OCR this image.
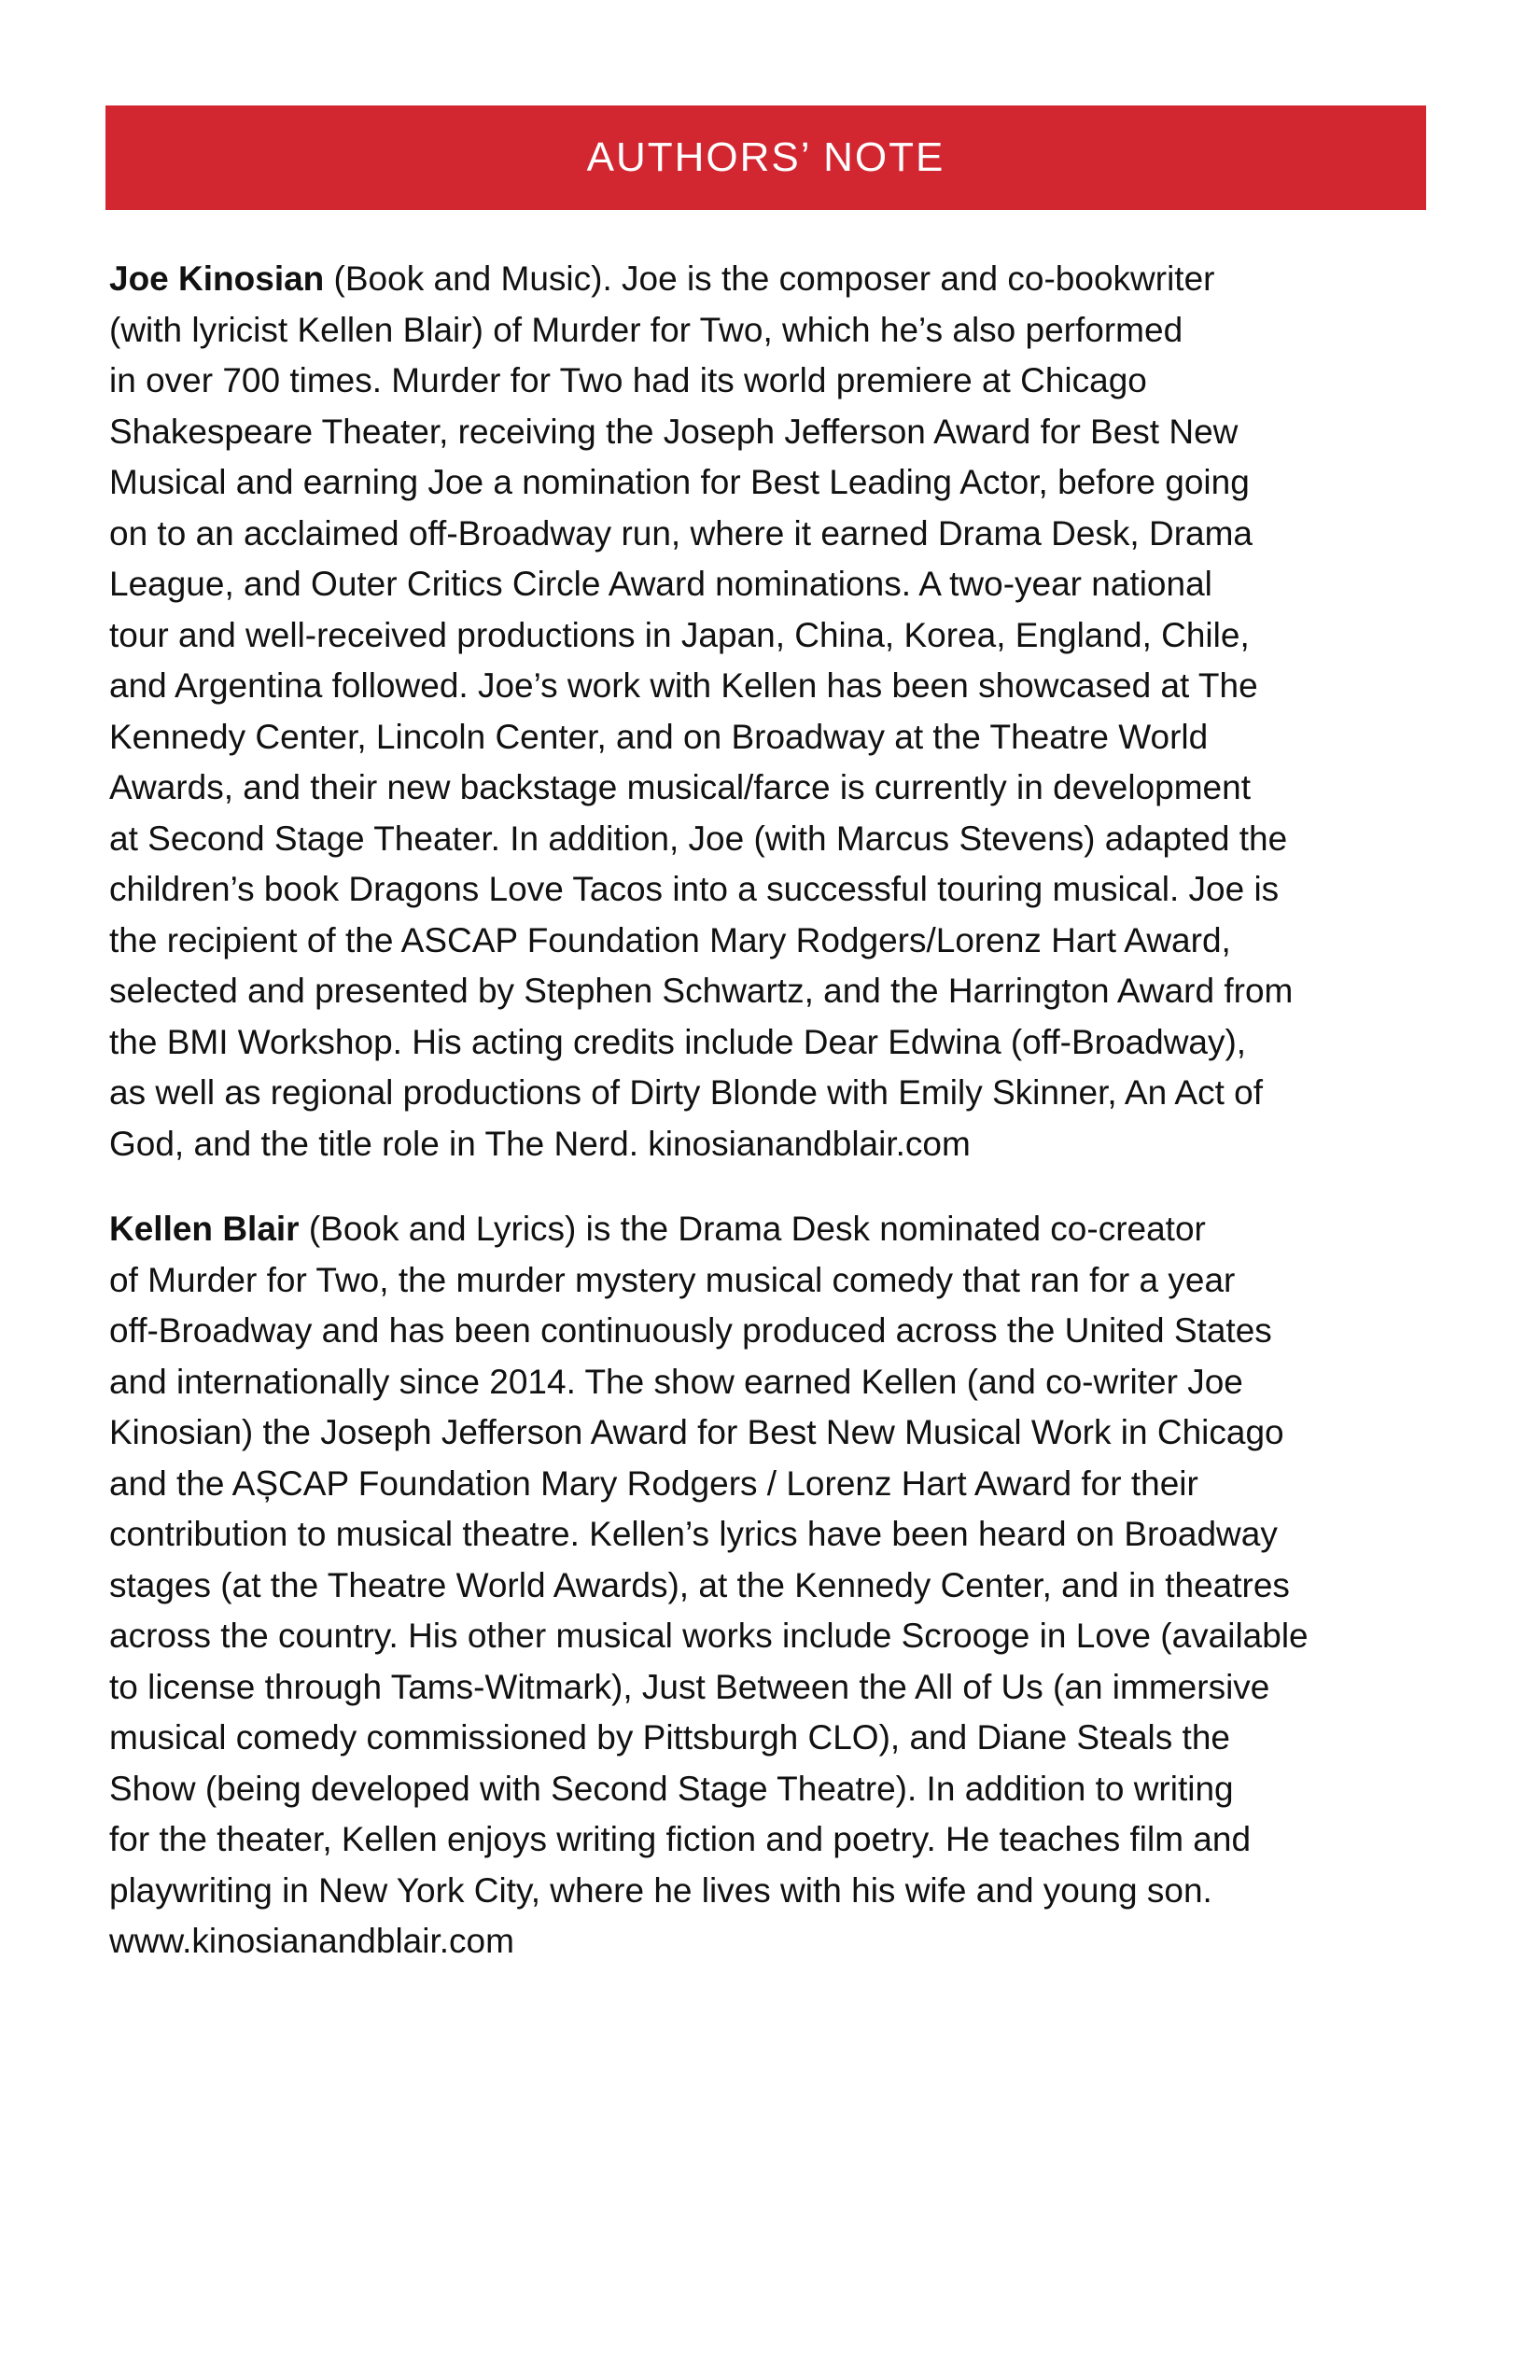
AUTHORS’ NOTE

Joe Kinosian (Book and Music). Joe is the composer and co-bookwriter
(with lyricist Kellen Blair) of Murder for Two, which he’s also performed
in over 700 times. Murder for Two had its world premiere at Chicago
Shakespeare Theater, receiving the Joseph Jefferson Award for Best New
Musical and earning Joe a nomination for Best Leading Actor, before going
on to an acclaimed off-Broadway run, where it earned Drama Desk, Drama
League, and Outer Critics Circle Award nominations. A two-year national
tour and well-received productions in Japan, China, Korea, England, Chile,
and Argentina followed. Joe’s work with Kellen has been showcased at The
Kennedy Center, Lincoln Center, and on Broadway at the Theatre World
Awards, and their new backstage musical/farce is currently in development
at Second Stage Theater. In addition, Joe (with Marcus Stevens) adapted the
children’s book Dragons Love Tacos into a successful touring musical. Joe is
the recipient of the ASCAP Foundation Mary Rodgers/Lorenz Hart Award,
selected and presented by Stephen Schwartz, and the Harrington Award from
the BMI Workshop. His acting credits include Dear Edwina (off-Broadway),
as well as regional productions of Dirty Blonde with Emily Skinner, An Act of
God, and the title role in The Nerd. kinosianandblair.com

Kellen Blair (Book and Lyrics) is the Drama Desk nominated co-creator
of Murder for Two, the murder mystery musical comedy that ran for a year
off-Broadway and has been continuously produced across the United States
and internationally since 2014. The show earned Kellen (and co-writer Joe
Kinosian) the Joseph Jefferson Award for Best New Musical Work in Chicago
and the AȘCAP Foundation Mary Rodgers / Lorenz Hart Award for their
contribution to musical theatre. Kellen’s lyrics have been heard on Broadway
stages (at the Theatre World Awards), at the Kennedy Center, and in theatres
across the country. His other musical works include Scrooge in Love (available
to license through Tams-Witmark), Just Between the All of Us (an immersive
musical comedy commissioned by Pittsburgh CLO), and Diane Steals the
Show (being developed with Second Stage Theatre). In addition to writing
for the theater, Kellen enjoys writing fiction and poetry. He teaches film and
playwriting in New York City, where he lives with his wife and young son.
www.kinosianandblair.com
